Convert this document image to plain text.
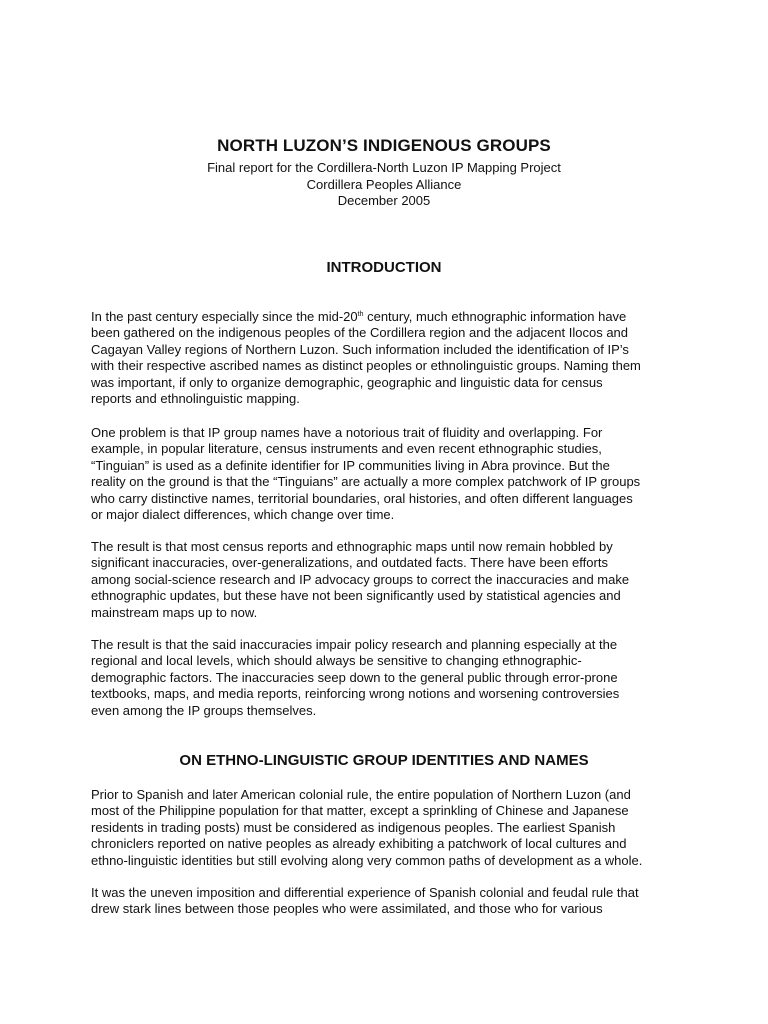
NORTH LUZON’S INDIGENOUS GROUPS
Final report for the Cordillera-North Luzon IP Mapping Project
Cordillera Peoples Alliance
December 2005
INTRODUCTION
In the past century especially since the mid-20th century, much ethnographic information have
been gathered on the indigenous peoples of the Cordillera region and the adjacent Ilocos and
Cagayan Valley regions of Northern Luzon. Such information included the identification of IP’s
with their respective ascribed names as distinct peoples or ethnolinguistic groups. Naming them
was important, if only to organize demographic, geographic and linguistic data for census
reports and ethnolinguistic mapping.
One problem is that IP group names have a notorious trait of fluidity and overlapping. For
example, in popular literature, census instruments and even recent ethnographic studies,
“Tinguian” is used as a definite identifier for IP communities living in Abra province. But the
reality on the ground is that the “Tinguians” are actually a more complex patchwork of IP groups
who carry distinctive names, territorial boundaries, oral histories, and often different languages
or major dialect differences, which change over time.
The result is that most census reports and ethnographic maps until now remain hobbled by
significant inaccuracies, over-generalizations, and outdated facts. There have been efforts
among social-science research and IP advocacy groups to correct the inaccuracies and make
ethnographic updates, but these have not been significantly used by statistical agencies and
mainstream maps up to now.
The result is that the said inaccuracies impair policy research and planning especially at the
regional and local levels, which should always be sensitive to changing ethnographic-
demographic factors. The inaccuracies seep down to the general public through error-prone
textbooks, maps, and media reports, reinforcing wrong notions and worsening controversies
even among the IP groups themselves.
ON ETHNO-LINGUISTIC GROUP IDENTITIES AND NAMES
Prior to Spanish and later American colonial rule, the entire population of Northern Luzon (and
most of the Philippine population for that matter, except a sprinkling of Chinese and Japanese
residents in trading posts) must be considered as indigenous peoples. The earliest Spanish
chroniclers reported on native peoples as already exhibiting a patchwork of local cultures and
ethno-linguistic identities but still evolving along very common paths of development as a whole.
It was the uneven imposition and differential experience of Spanish colonial and feudal rule that
drew stark lines between those peoples who were assimilated, and those who for various
